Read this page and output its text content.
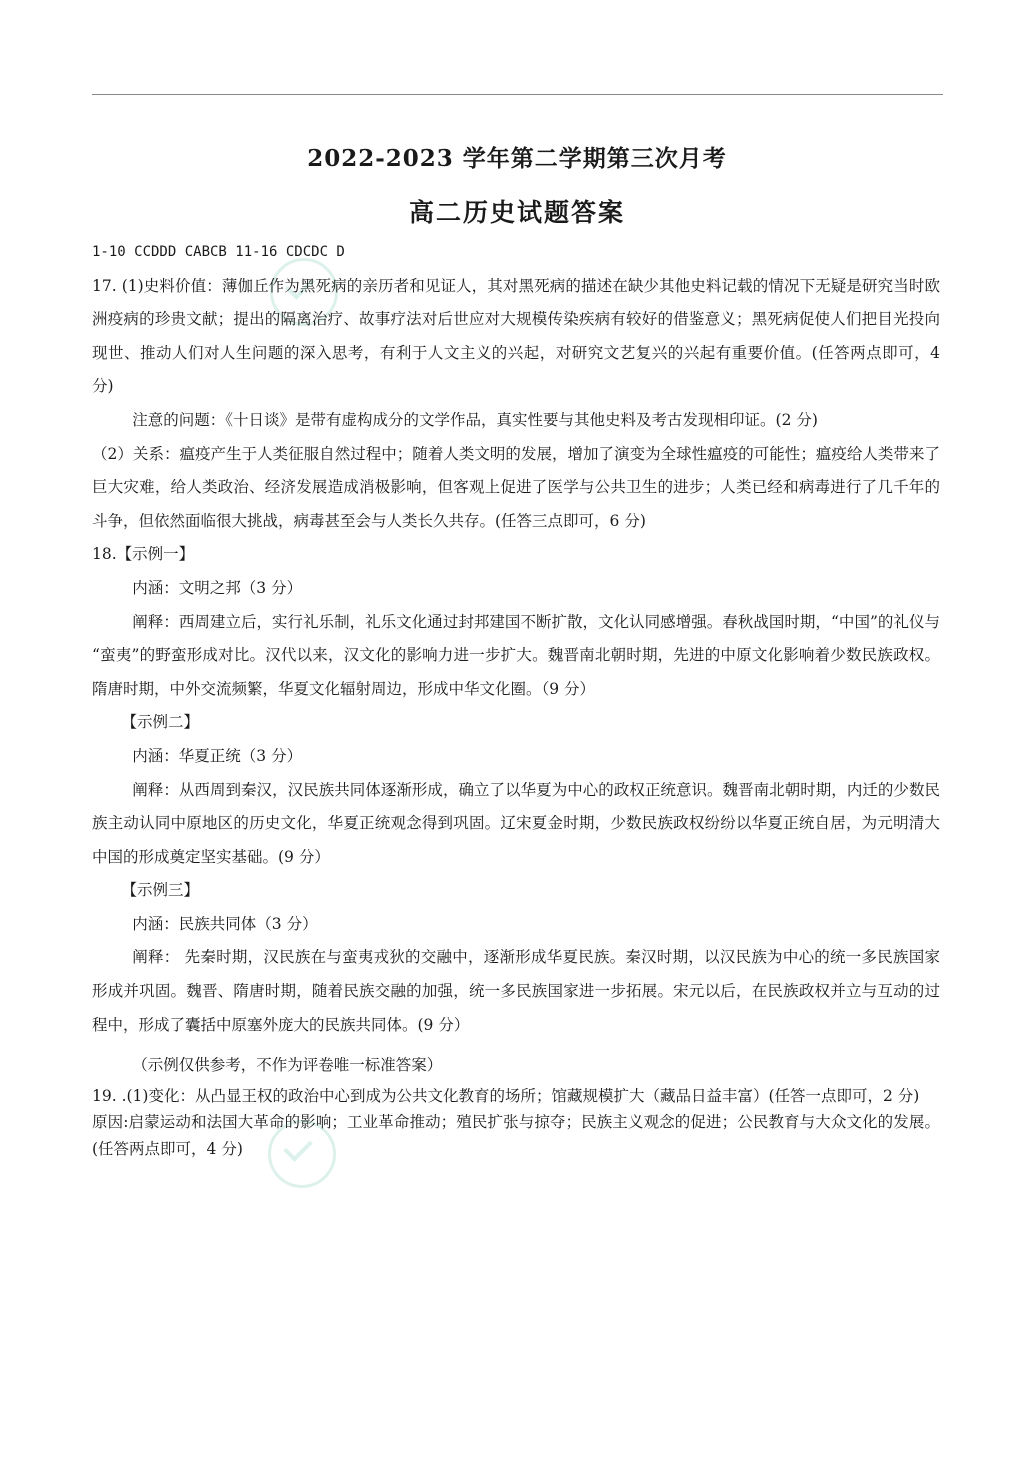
2022-2023 学年第二学期第三次月考
高二历史试题答案

1-10 CCDDD CABCB 11-16 CDCDC D

17. (1)史料价值：薄伽丘作为黑死病的亲历者和见证人，其对黑死病的描述在缺少其他史料记载的情况下无疑是研究当时欧洲疫病的珍贵文献；提出的隔离治疗、故事疗法对后世应对大规模传染疾病有较好的借鉴意义；黑死病促使人们把目光投向现世、推动人们对人生问题的深入思考，有利于人文主义的兴起，对研究文艺复兴的兴起有重要价值。(任答两点即可，4 分)

注意的问题：《十日谈》是带有虚构成分的文学作品，真实性要与其他史料及考古发现相印证。(2 分)

（2）关系：瘟疫产生于人类征服自然过程中；随着人类文明的发展，增加了演变为全球性瘟疫的可能性；瘟疫给人类带来了巨大灾难，给人类政治、经济发展造成消极影响，但客观上促进了医学与公共卫生的进步；人类已经和病毒进行了几千年的斗争，但依然面临很大挑战，病毒甚至会与人类长久共存。(任答三点即可，6 分)

18.【示例一】

内涵：文明之邦（3 分）

阐释：西周建立后，实行礼乐制，礼乐文化通过封邦建国不断扩散，文化认同感增强。春秋战国时期，“中国”的礼仪与 “蛮夷”的野蛮形成对比。汉代以来，汉文化的影响力进一步扩大。魏晋南北朝时期，先进的中原文化影响着少数民族政权。隋唐时期，中外交流频繁，华夏文化辐射周边，形成中华文化圈。（9 分）

【示例二】

内涵：华夏正统（3 分）

阐释：从西周到秦汉，汉民族共同体逐渐形成，确立了以华夏为中心的政权正统意识。魏晋南北朝时期，内迁的少数民族主动认同中原地区的历史文化，华夏正统观念得到巩固。辽宋夏金时期，少数民族政权纷纷以华夏正统自居，为元明清大中国的形成奠定坚实基础。(9 分）

【示例三】

内涵：民族共同体（3 分）

阐释： 先秦时期，汉民族在与蛮夷戎狄的交融中，逐渐形成华夏民族。秦汉时期，以汉民族为中心的统一多民族国家形成并巩固。魏晋、隋唐时期，随着民族交融的加强，统一多民族国家进一步拓展。宋元以后，在民族政权并立与互动的过程中，形成了囊括中原塞外庞大的民族共同体。(9 分）

（示例仅供参考，不作为评卷唯一标准答案）

19. .(1)变化：从凸显王权的政治中心到成为公共文化教育的场所；馆藏规模扩大（藏品日益丰富）(任答一点即可，2 分)

原因:启蒙运动和法国大革命的影响；工业革命推动；殖民扩张与掠夺；民族主义观念的促进；公民教育与大众文化的发展。(任答两点即可，4 分)
